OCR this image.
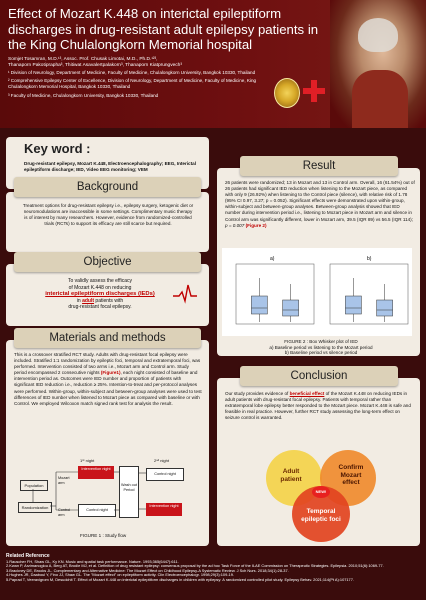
Effect of Mozart K.448 on interictal epileptiform discharges in drug-resistant adult epilepsy patients in the King Chulalongkorn Memorial hospital
Somjet Tosamran, M.D.¹³, Assoc. Prof. Chusak Limotai, M.D., Ph.D.¹²³,
Thanaporn Pakotiprapha³, Thitiwat Asavalertpalakorn³, Thanaporn Kiatprungvech³
¹ Division of Neurology, Department of Medicine, Faculty of Medicine, Chulalongkorn University, Bangkok 10330, Thailand
² Comprehensive Epilepsy Center of Excellence, Division of Neurology, Department of Medicine, Faculty of Medicine, King Chulalongkorn Memorial Hospital, Bangkok 10330, Thailand
³ Faculty of Medicine, Chulalongkorn University, Bangkok 10330, Thailand
Key word :
Drug-resistant epilepsy, Mozart K.448, Electroencephalography; EEG, Interictal epileptiform discharge; IED, Video EEG monitoring; VEM
Background
Treatment options for drug-resistant epilepsy i.e., epilepsy surgery, ketogenic diet or neuromodulations are inaccessible in some settings. Complimentary music therapy is of interest by many researchers. However, evidence from randomized-controlled trials (RCTs) to support its efficacy are still scarce but required.
Objective
To validly assess the efficacy
of Mozart K.448 on reducing
interictal epileptiform discharges (IEDs)
in adult patients with
drug-resistant focal epilepsy.
Materials and methods
This is a crossover stratified RCT study. Adults with drug-resistant focal epilepsy were included. Stratified 1:1 randomization by epileptic foci, temporal and extratemporal foci, was performed. Intervention consisted of two arms i.e., Mozart arm and Control arm. Study period encompassed 2 consecutive nights (Figure1), each night consisted of baseline and intervention period as. Outcomes were IED number and proportion of patients with significant IED reduction i.e., reduction ≥ 25%. Intention-to-treat and per-protocol analyses were performed. Within-group, within-subject and between-group analyses were used to test differences of IED number when listened to Mozart piece as compared with baseline or with Control. We employed Wilcoxon match signed rank test for analysis the result.
1ˢᵗ night	2ⁿᵈ night
Population
Randomization
Mozart arm
Control arm
Intervention night
Control night
Wash out Period
Control night
Intervention night
FIGURE 1 : Study flow
Result
26 patients were randomized; 13 in Mozart and 13 in Control arm. Overall, 16 (61.54%) out of 26 patients had significant IED reduction when listening to the Mozart piece, as compared with only 9 (26.92%) when listening to the Control piece (silence), with relative risk of 1.78 (95% CI 0.97, 3.27; p = 0.052). Significant effects were demonstrated upon within-group, within-subject and between-group analyses. Between-group analysis showed that IED number during intervention period i.e., listening to Mozart piece in Mozart arm and silence in Control arm was significantly different, lower in Mozart arm, 39.5 (IQR 89) vs 56.5 (IQR 114); p = 0.007 (Figure 2)
a)	b)
FIGURE 2 : Box Whisker plot of IED
a) Baseline period vs listening to the Mozart period
b) Baseline period vs silence period
Conclusion
Our study provides evidence of beneficial effect of the Mozart K.448 on reducing IEDs in adult patients with drug-resistant focal epilepsy. Patients with temporal rather than extratemporal lobe epilepsy better responded to the Mozart piece. Mozart K.448 is safe and feasible in real practice. However, further RCT study assessing the long-term effect on seizure control is warranted.
Adult patient
Confirm Mozart effect
NEW!
Temporal epileptic foci
Related Reference
1.Rauscher FH, Shaw GL, Ky KN. Music and spatial task performance. Nature. 1993;365(6447):611.
2.Kwan P, Arzimanoglou A, Berg AT, Brodie MJ, et al. Definition of drug resistant epilepsy: consensus proposal by the ad hoc Task Force of the ILAE Commission on Therapeutic Strategies. Epilepsia. 2010;51(6):1069-77.
3.Brackney DE, Brooks JL. Complementary and Alternative Medicine: The Mozart Effect on Childhood Epilepsy-A Systematic Review. J Sch Nurs. 2018;34(1):28-37.
4.Hughes JR, Daaboul Y, Fino JJ, Shaw GL. The "Mozart effect" on epileptiform activity. Clin Electroencephalogr. 1998;29(3):109-19.
5.Paprad T, Veeravigrom M, Desudchit T. Effect of Mozart K.448 on interictal epileptiform discharges in children with epilepsy: A randomized controlled pilot study. Epilepsy Behav. 2021;114(Pt A):107177.
